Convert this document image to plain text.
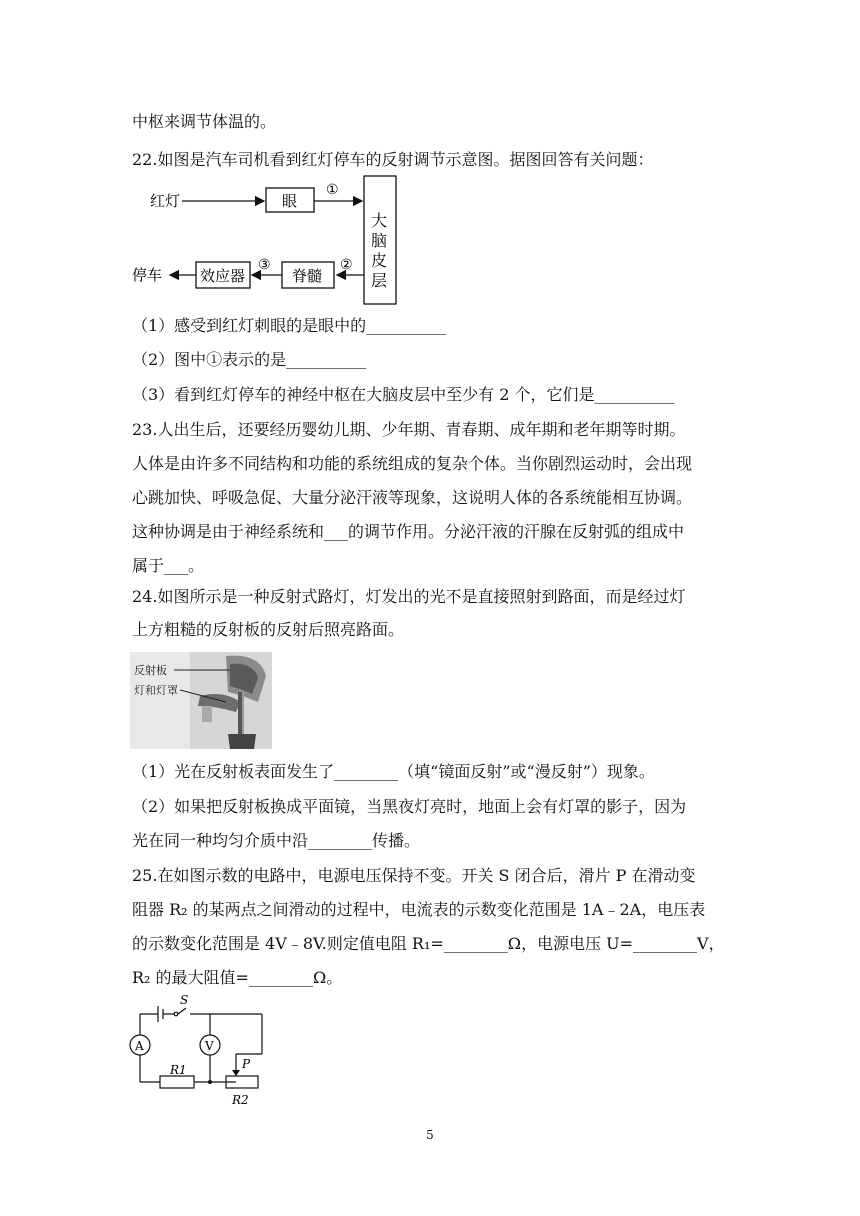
中枢来调节体温的。
22.如图是汽车司机看到红灯停车的反射调节示意图。据图回答有关问题：
红灯	眼
①
大
脑
皮
层
②
脊髓
③
效应器
停车
（1）感受到红灯刺眼的是眼中的__________
（2）图中①表示的是__________
（3）看到红灯停车的神经中枢在大脑皮层中至少有 2 个，它们是__________
23.人出生后，还要经历婴幼儿期、少年期、青春期、成年期和老年期等时期。
人体是由许多不同结构和功能的系统组成的复杂个体。当你剧烈运动时，会出现
心跳加快、呼吸急促、大量分泌汗液等现象，这说明人体的各系统能相互协调。
这种协调是由于神经系统和___的调节作用。分泌汗液的汗腺在反射弧的组成中
属于___。
24.如图所示是一种反射式路灯，灯发出的光不是直接照射到路面，而是经过灯
上方粗糙的反射板的反射后照亮路面。
反射板
灯和灯罩
（1）光在反射板表面发生了________（填“镜面反射”或“漫反射”）现象。
（2）如果把反射板换成平面镜，当黑夜灯亮时，地面上会有灯罩的影子，因为
光在同一种均匀介质中沿________传播。
25.在如图示数的电路中，电源电压保持不变。开关 S 闭合后，滑片 P 在滑动变
阻器 R₂ 的某两点之间滑动的过程中，电流表的示数变化范围是 1A﹣2A，电压表
的示数变化范围是 4V﹣8V.则定值电阻 R₁=________Ω，电源电压 U=________V，
R₂ 的最大阻值=________Ω。
S
A	V
R1	P
R2
5
